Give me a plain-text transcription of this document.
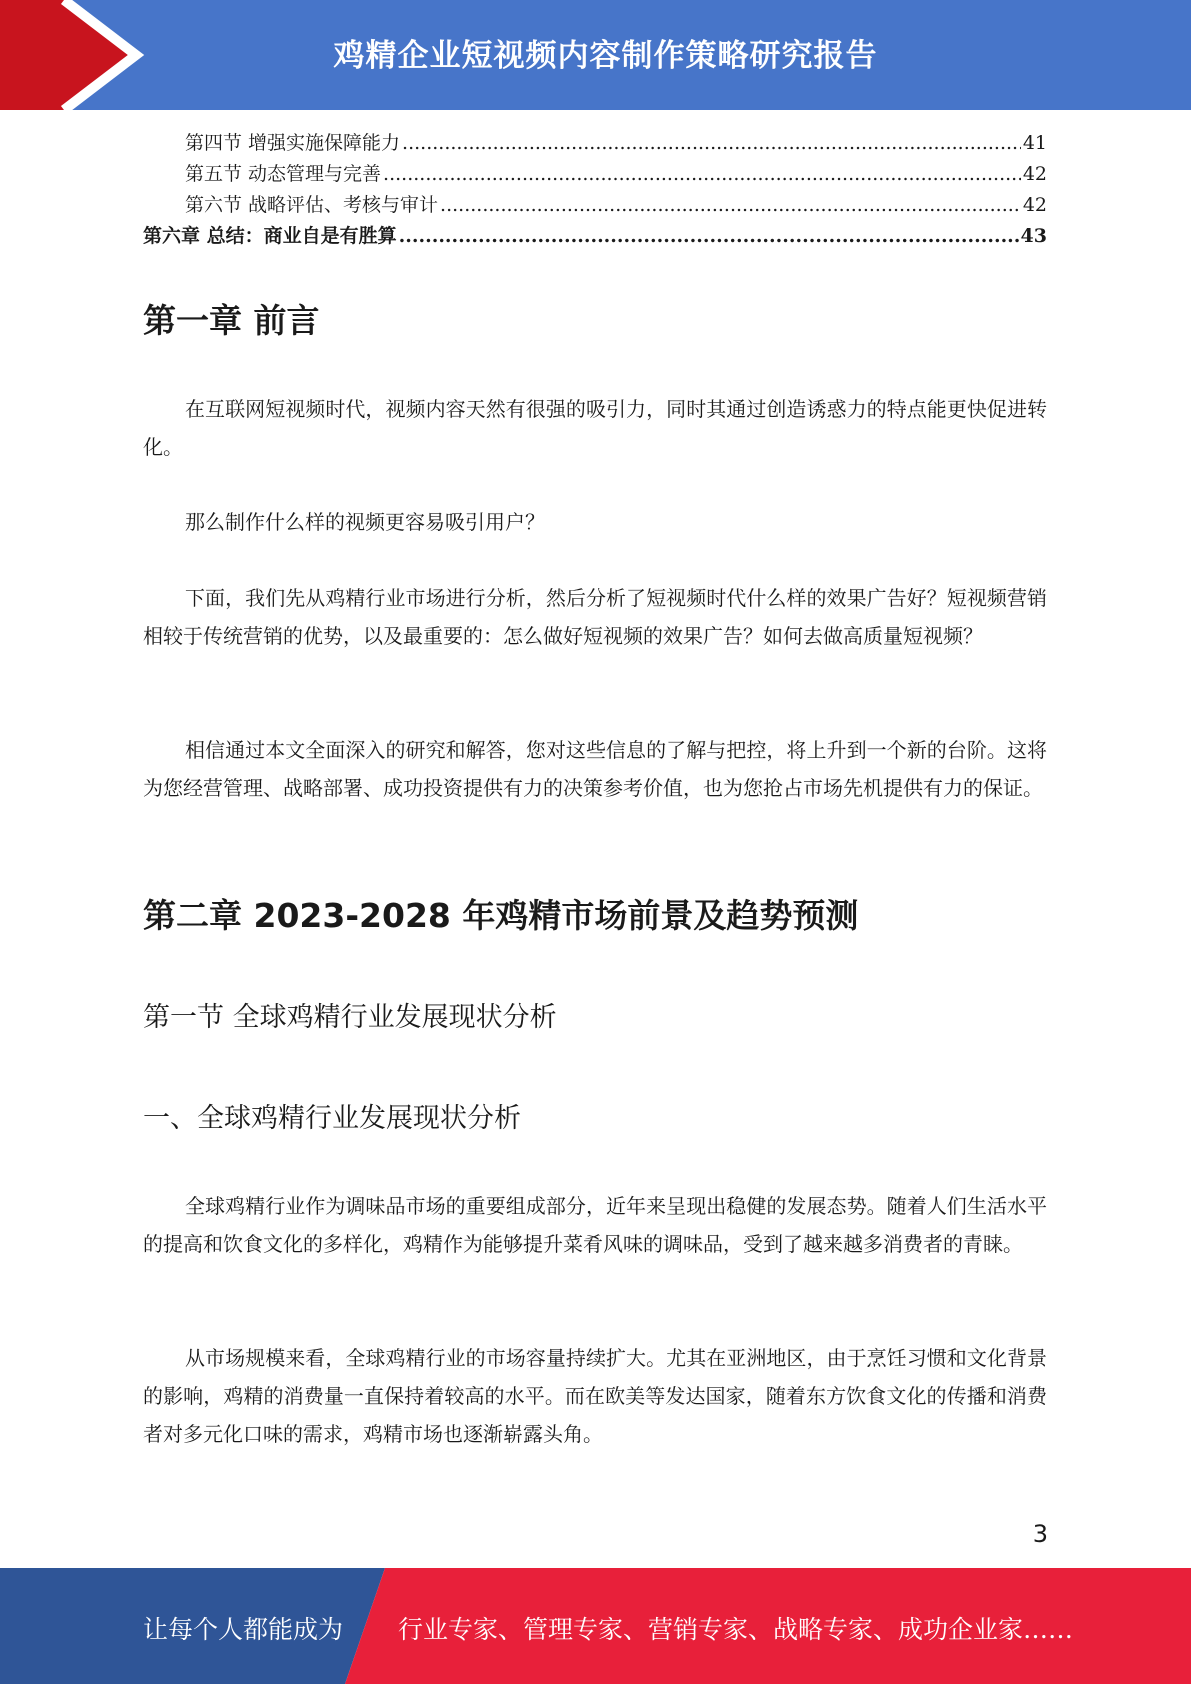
鸡精企业短视频内容制作策略研究报告
第四节 增强实施保障能力 .....	41
第五节 动态管理与完善 .....	42
第六节 战略评估、考核与审计 .....	42
第六章 总结：商业自是有胜算 .....	43
第一章 前言

在互联网短视频时代，视频内容天然有很强的吸引力，同时其通过创造诱惑力的特点能更快促进转化。

那么制作什么样的视频更容易吸引用户？

下面，我们先从鸡精行业市场进行分析，然后分析了短视频时代什么样的效果广告好？短视频营销相较于传统营销的优势，以及最重要的：怎么做好短视频的效果广告？如何去做高质量短视频？

相信通过本文全面深入的研究和解答，您对这些信息的了解与把控，将上升到一个新的台阶。这将为您经营管理、战略部署、成功投资提供有力的决策参考价值，也为您抢占市场先机提供有力的保证。

第二章 2023-2028 年鸡精市场前景及趋势预测
第一节 全球鸡精行业发展现状分析
一、全球鸡精行业发展现状分析

全球鸡精行业作为调味品市场的重要组成部分，近年来呈现出稳健的发展态势。随着人们生活水平的提高和饮食文化的多样化，鸡精作为能够提升菜肴风味的调味品，受到了越来越多消费者的青睐。

从市场规模来看，全球鸡精行业的市场容量持续扩大。尤其在亚洲地区，由于烹饪习惯和文化背景的影响，鸡精的消费量一直保持着较高的水平。而在欧美等发达国家，随着东方饮食文化的传播和消费者对多元化口味的需求，鸡精市场也逐渐崭露头角。

3
让每个人都能成为 行业专家、管理专家、营销专家、战略专家、成功企业家……
